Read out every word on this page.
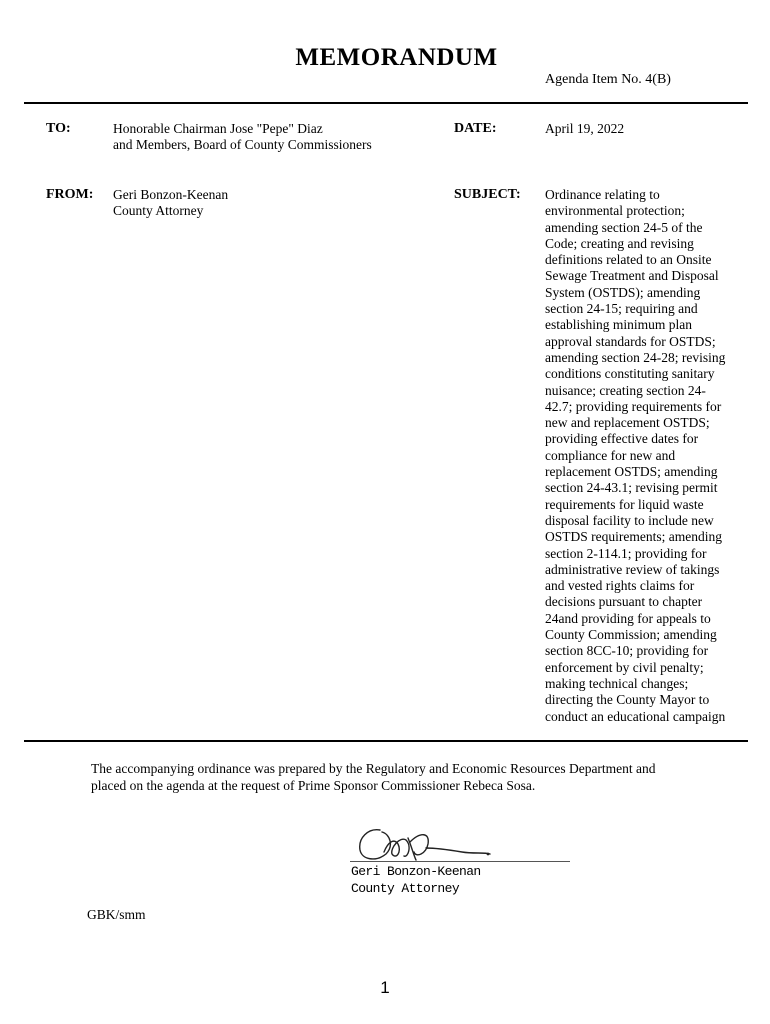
MEMORANDUM
Agenda Item No. 4(B)
TO:	Honorable Chairman Jose "Pepe" Diaz
and Members, Board of County Commissioners
DATE:	April 19, 2022
FROM: Geri Bonzon-Keenan
County Attorney
SUBJECT: Ordinance relating to
environmental protection;
amending section 24-5 of the
Code; creating and revising
definitions related to an Onsite
Sewage Treatment and Disposal
System (OSTDS); amending
section 24-15; requiring and
establishing minimum plan
approval standards for OSTDS;
amending section 24-28; revising
conditions constituting sanitary
nuisance; creating section 24-
42.7; providing requirements for
new and replacement OSTDS;
providing effective dates for
compliance for new and
replacement OSTDS; amending
section 24-43.1; revising permit
requirements for liquid waste
disposal facility to include new
OSTDS requirements; amending
section 2-114.1; providing for
administrative review of takings
and vested rights claims for
decisions pursuant to chapter
24and providing for appeals to
County Commission; amending
section 8CC-10; providing for
enforcement by civil penalty;
making technical changes;
directing the County Mayor to
conduct an educational campaign
The accompanying ordinance was prepared by the Regulatory and Economic Resources Department and
placed on the agenda at the request of Prime Sponsor Commissioner Rebeca Sosa.
Geri Bonzon-Keenan
County Attorney
GBK/smm
1
